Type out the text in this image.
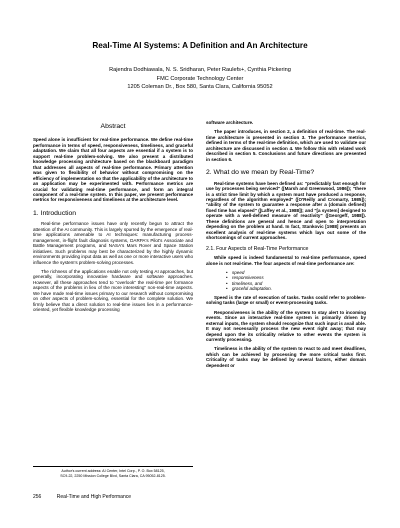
Real-Time AI Systems: A Definition and An Architecture
Rajendra Dodhiawala, N. S. Sridharan, Peter Raulefs+, Cynthia Pickering
FMC Corporate Technology Center
1205 Coleman Dr., Box 580, Santa Clara, California 95052
Abstract

Speed alone is insufficient for real-time performance. We define real-time performance in terms of speed, responsiveness, timeliness, and graceful adaptation. We claim that all four aspects are essential if a system is to support real-time problem-solving. We also present a distributed knowledge processing architecture based on the blackboard paradigm that addresses all aspects of real-time performance. Primary attention was given to flexibility of behavior without compromising on the efficiency of implementation so that the applicability of the architecture to an application may be experimented with. Performance metrics are crucial for validating real-time performance, and form an integral component of a real-time system. In this paper, we present performance metrics for responsiveness and timeliness at the architecture level.

1. Introduction

Real-time performance issues have only recently begun to attract the attention of the AI community. This is largely spurred by the emergence of real-time applications amenable to AI techniques: manufacturing process-management, in-flight fault diagnosis systems, DARPA's Pilot's Associate and Battle Management programs, and NASA's Mars Rover and Space Station initiatives. Such problems may best be characterized by the highly dynamic environments providing input data as well as one or more interactive users who influence the system's problem-solving processes.

The richness of the applications enable not only testing AI approaches, but generally, incorporating innovative hardware and software approaches. However, all these approaches tend to "overlook" the real-time per formance aspects of the problems in lieu of the more interesting" non-real-time aspects. We have made real-time issues primary to our research without compromising on other aspects of problem-solving, essential for the complete solution. We firmly believe that a direct solution to real-time issues lies in a performance-oriented, yet flexible knowledge processing

Author's current address: AI Center, Intel Corp., P. O. Box 58125,
SC9-22, 2250 Mission College Blvd, Santa Clara, CA 95052-8125.
256	Real-Time and High Performance

software architecture.

The paper introduces, in section 2, a definition of real-time. The real-time architecture is presented in section 3. The performance metrics, defined in terms of the real-time definition, which are used to validate our architecture are discussed in section 4. We follow this with related work described in section 5. Conclusions and future directions are presented in section 6.

2. What do we mean by Real-Time?

Real-time systems have been defined as: "predictably fast enough for use by processes being serviced" ([Marsh and Greenwood, 1986]); "there is a strict time limit by which a system must have produced a response, regardless of the algorithm employed" ([O'Reilly and Cromarty, 1985]); "ability of the system to guarantee a response after a (domain defined) fixed time has elapsed" ([Laffey et al., 1988]); and "[a system] designed to operate with a well-defined measure of reactivity" ([Georgeff, 1988]). These definitions are general and hence and open to interpretation depending on the problem at hand. In fact, Stankovic [1988] presents an excellent analysis of real-time systems which lays out some of the shortcomings of current approaches.

2.1. Four Aspects of Real-Time Performance

While speed is indeed fundamental to real-time performance, speed alone is not real-time. The four aspects of real-time performance are:

• speed
• responsiveness
• timeliness, and
• graceful adaptation.

Speed is the rate of execution of tasks. Tasks could refer to problem-solving tasks (large or small) or event-processing tasks.

Responsiveness is the ability of the system to stay alert to incoming events. Since an interactive real-time system is primarily driven by external inputs, the system should recognize that such input is avail able. It may not necessarily process the new event right away; that may depend upon the its criticality relative to other events the system is currently processing.

Timeliness is the ability of the system to react to and meet deadlines, which can be achieved by processing the more critical tasks first. Criticality of tasks may be defined by several factors, either domain dependent or
